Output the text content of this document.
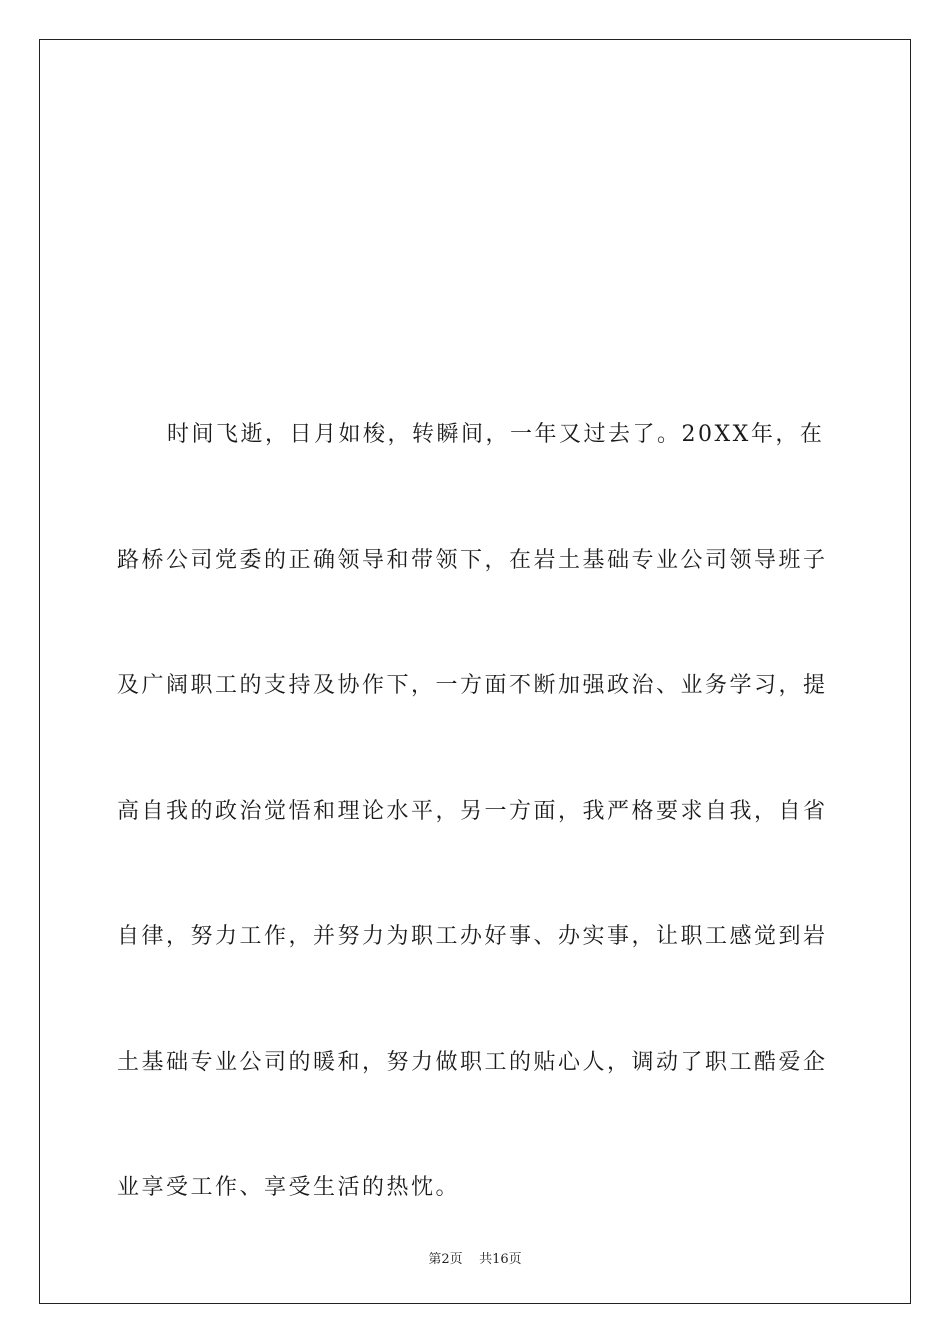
时间飞逝，日月如梭，转瞬间，一年又过去了。20XX年，在路桥公司党委的正确领导和带领下，在岩土基础专业公司领导班子及广阔职工的支持及协作下，一方面不断加强政治、业务学习，提高自我的政治觉悟和理论水平，另一方面，我严格要求自我，自省自律，努力工作，并努力为职工办好事、办实事，让职工感觉到岩土基础专业公司的暖和，努力做职工的贴心人，调动了职工酷爱企业享受工作、享受生活的热忱。

第2页 共16页
